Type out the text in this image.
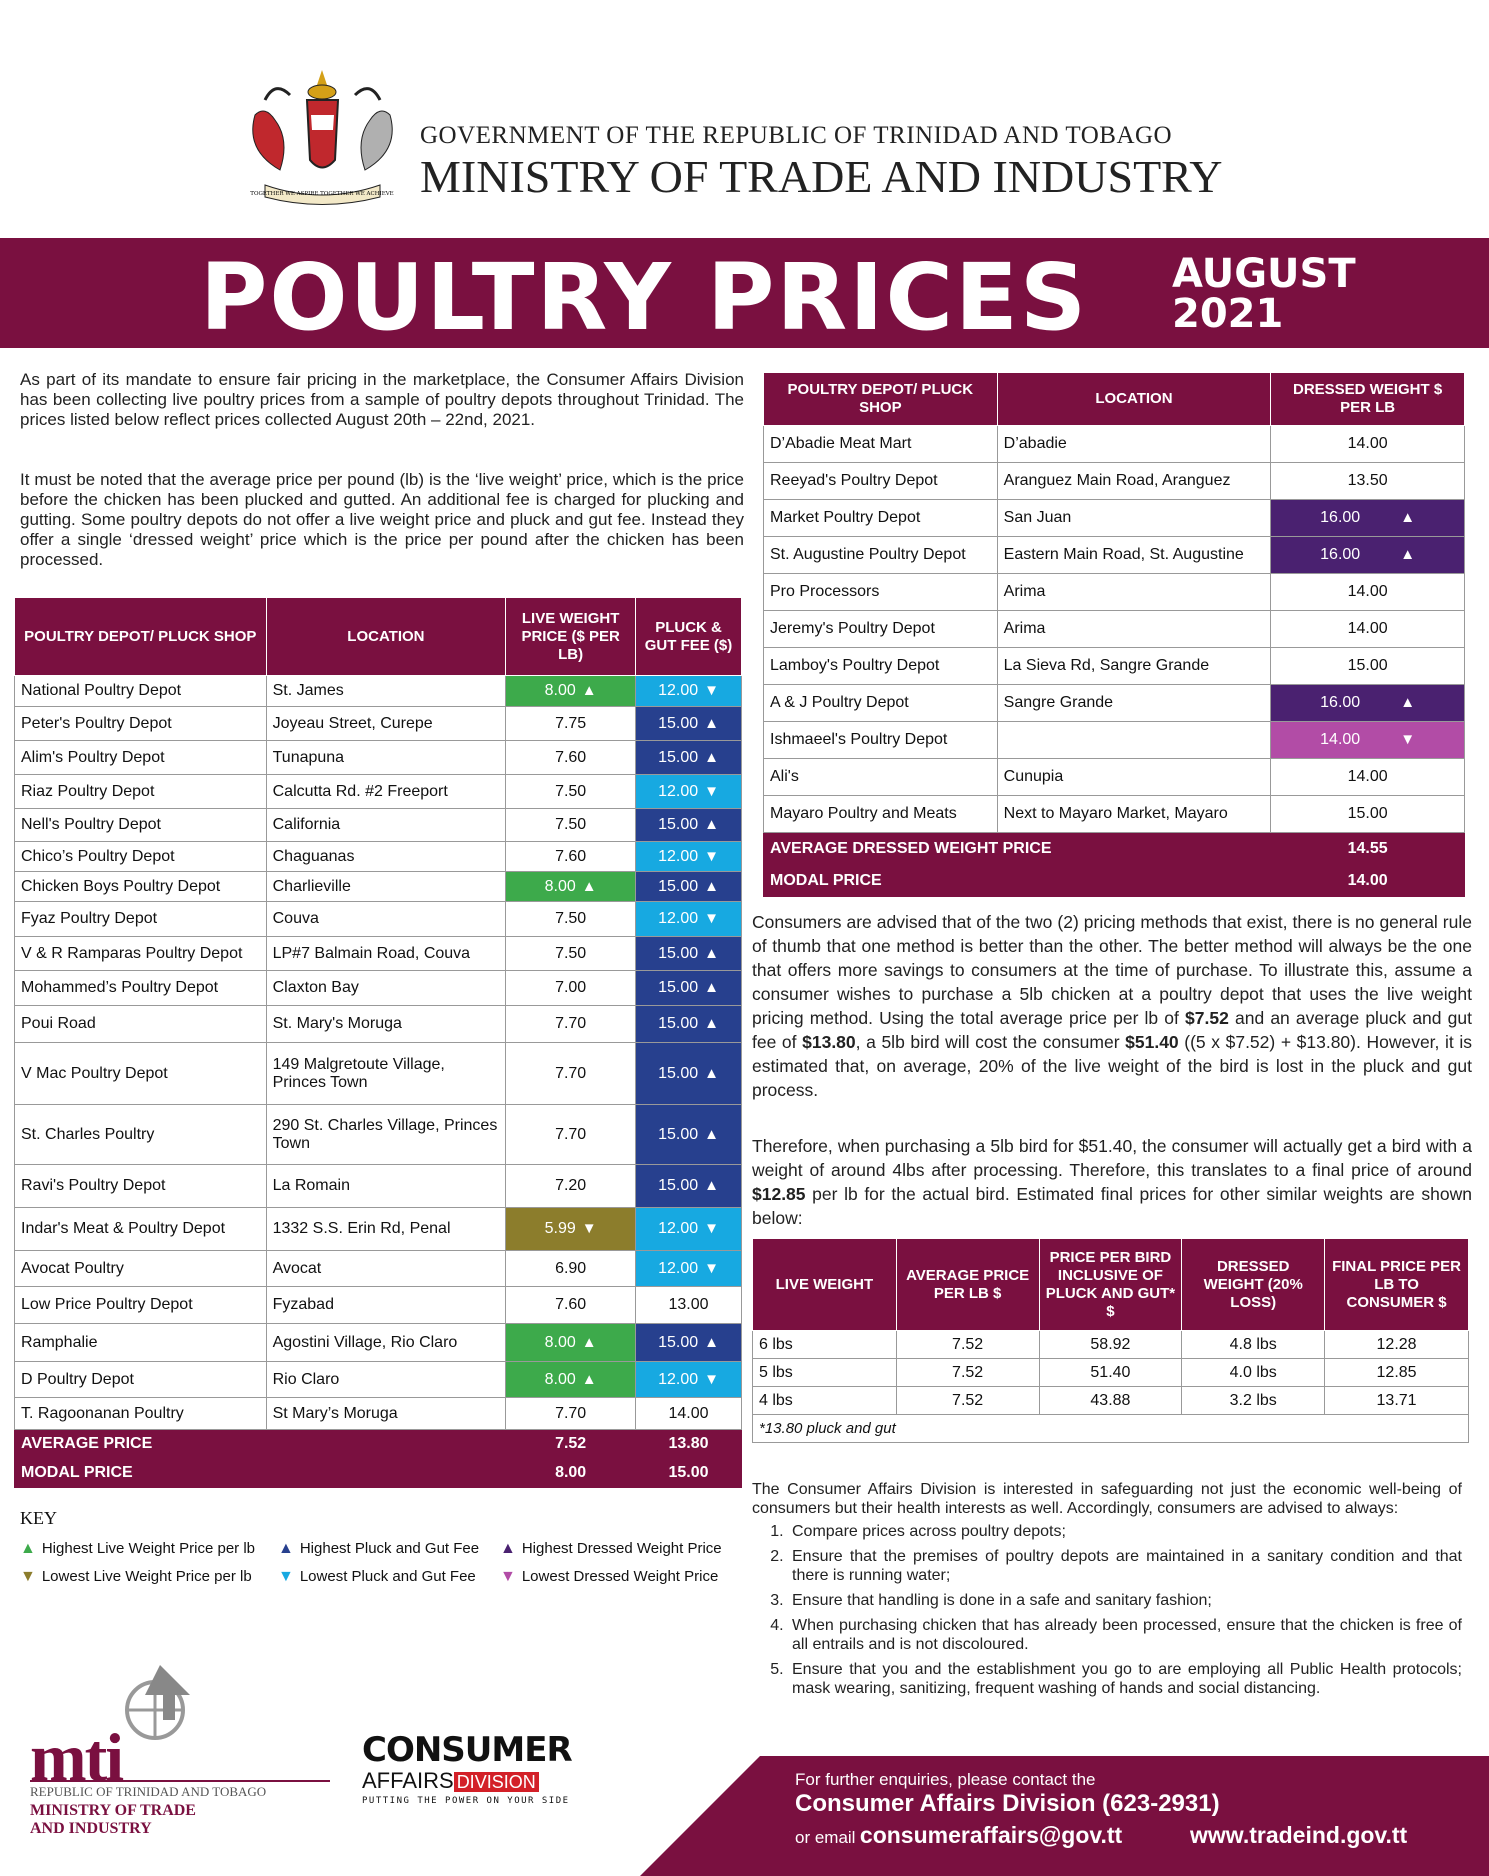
TOGETHER WE ASPIRE TOGETHER WE ACHIEVE
GOVERNMENT OF THE REPUBLIC OF TRINIDAD AND TOBAGO
MINISTRY OF TRADE AND INDUSTRY
POULTRY PRICES AUGUST
2021
As part of its mandate to ensure fair pricing in the marketplace, the Consumer Affairs Division has been collecting live poultry prices from a sample of poultry depots throughout Trinidad. The prices listed below reflect prices collected August 20th – 22nd, 2021.
It must be noted that the average price per pound (lb) is the ‘live weight’ price, which is the price before the chicken has been plucked and gutted. An additional fee is charged for plucking and gutting. Some poultry depots do not offer a live weight price and pluck and gut fee. Instead they offer a single ‘dressed weight’ price which is the price per pound after the chicken has been processed.
POULTRY DEPOT/ PLUCK SHOP	LOCATION	LIVE WEIGHT PRICE ($ PER LB)	PLUCK & GUT FEE ($)
National Poultry Depot	St. James	8.00 ▲	12.00 ▼
Peter's Poultry Depot	Joyeau Street, Curepe	7.75	15.00 ▲
Alim's Poultry Depot	Tunapuna	7.60	15.00 ▲
Riaz Poultry Depot	Calcutta Rd. #2 Freeport	7.50	12.00 ▼
Nell's Poultry Depot	California	7.50	15.00 ▲
Chico’s Poultry Depot	Chaguanas	7.60	12.00 ▼
Chicken Boys Poultry Depot	Charlieville	8.00 ▲	15.00 ▲
Fyaz Poultry Depot	Couva	7.50	12.00 ▼
V & R Ramparas Poultry Depot	LP#7 Balmain Road, Couva	7.50	15.00 ▲
Mohammed’s Poultry Depot	Claxton Bay	7.00	15.00 ▲
Poui Road	St. Mary's Moruga	7.70	15.00 ▲
V Mac Poultry Depot	149 Malgretoute Village, Princes Town	7.70	15.00 ▲
St. Charles Poultry	290 St. Charles Village, Princes Town	7.70	15.00 ▲
Ravi's Poultry Depot	La Romain	7.20	15.00 ▲
Indar's Meat & Poultry Depot	1332 S.S. Erin Rd, Penal	5.99 ▼	12.00 ▼
Avocat Poultry	Avocat	6.90	12.00 ▼
Low Price Poultry Depot	Fyzabad	7.60	13.00
Ramphalie	Agostini Village, Rio Claro	8.00 ▲	15.00 ▲
D Poultry Depot	Rio Claro	8.00 ▲	12.00 ▼
T. Ragoonanan Poultry	St Mary’s Moruga	7.70	14.00
AVERAGE PRICE		7.52	13.80
MODAL PRICE		8.00	15.00
POULTRY DEPOT/ PLUCK SHOP	LOCATION	DRESSED WEIGHT $ PER LB
D’Abadie Meat Mart	D’abadie	14.00
Reeyad's Poultry Depot	Aranguez Main Road, Aranguez	13.50
Market Poultry Depot	San Juan	16.00 ▲
St. Augustine Poultry Depot	Eastern Main Road, St. Augustine	16.00 ▲
Pro Processors	Arima	14.00
Jeremy's Poultry Depot	Arima	14.00
Lamboy's Poultry Depot	La Sieva Rd, Sangre Grande	15.00
A & J Poultry Depot	Sangre Grande	16.00 ▲
Ishmaeel's Poultry Depot		14.00 ▼
Ali's	Cunupia	14.00
Mayaro Poultry and Meats	Next to Mayaro Market, Mayaro	15.00
AVERAGE DRESSED WEIGHT PRICE		14.55
MODAL PRICE		14.00
Consumers are advised that of the two (2) pricing methods that exist, there is no general rule of thumb that one method is better than the other. The better method will always be the one that offers more savings to consumers at the time of purchase. To illustrate this, assume a consumer wishes to purchase a 5lb chicken at a poultry depot that uses the live weight pricing method. Using the total average price per lb of $7.52 and an average pluck and gut fee of $13.80, a 5lb bird will cost the consumer $51.40 ((5 x $7.52) + $13.80). However, it is estimated that, on average, 20% of the live weight of the bird is lost in the pluck and gut process.
Therefore, when purchasing a 5lb bird for $51.40, the consumer will actually get a bird with a weight of around 4lbs after processing. Therefore, this translates to a final price of around $12.85 per lb for the actual bird. Estimated final prices for other similar weights are shown below:
LIVE WEIGHT	AVERAGE PRICE PER LB $	PRICE PER BIRD INCLUSIVE OF PLUCK AND GUT* $	DRESSED WEIGHT (20% LOSS)	FINAL PRICE PER LB TO CONSUMER $
6 lbs	7.52	58.92	4.8 lbs	12.28
5 lbs	7.52	51.40	4.0 lbs	12.85
4 lbs	7.52	43.88	3.2 lbs	13.71
*13.80 pluck and gut				
KEY
▲ Highest Live Weight Price per lb
▼ Lowest Live Weight Price per lb
▲ Highest Pluck and Gut Fee
▼ Lowest Pluck and Gut Fee
▲ Highest Dressed Weight Price
▼ Lowest Dressed Weight Price
The Consumer Affairs Division is interested in safeguarding not just the economic well-being of consumers but their health interests as well. Accordingly, consumers are advised to always:
1. Compare prices across poultry depots;
2. Ensure that the premises of poultry depots are maintained in a sanitary condition and that there is running water;
3. Ensure that handling is done in a safe and sanitary fashion;
4. When purchasing chicken that has already been processed, ensure that the chicken is free of all entrails and is not discoloured.
5. Ensure that you and the establishment you go to are employing all Public Health protocols; mask wearing, sanitizing, frequent washing of hands and social distancing.
mti
REPUBLIC OF TRINIDAD AND TOBAGO
MINISTRY OF TRADE
AND INDUSTRY
CONSUMER
AFFAIRS DIVISION
PUTTING THE POWER ON YOUR SIDE
For further enquiries, please contact the
Consumer Affairs Division (623-2931)
or email consumeraffairs@gov.tt	www.tradeind.gov.tt
